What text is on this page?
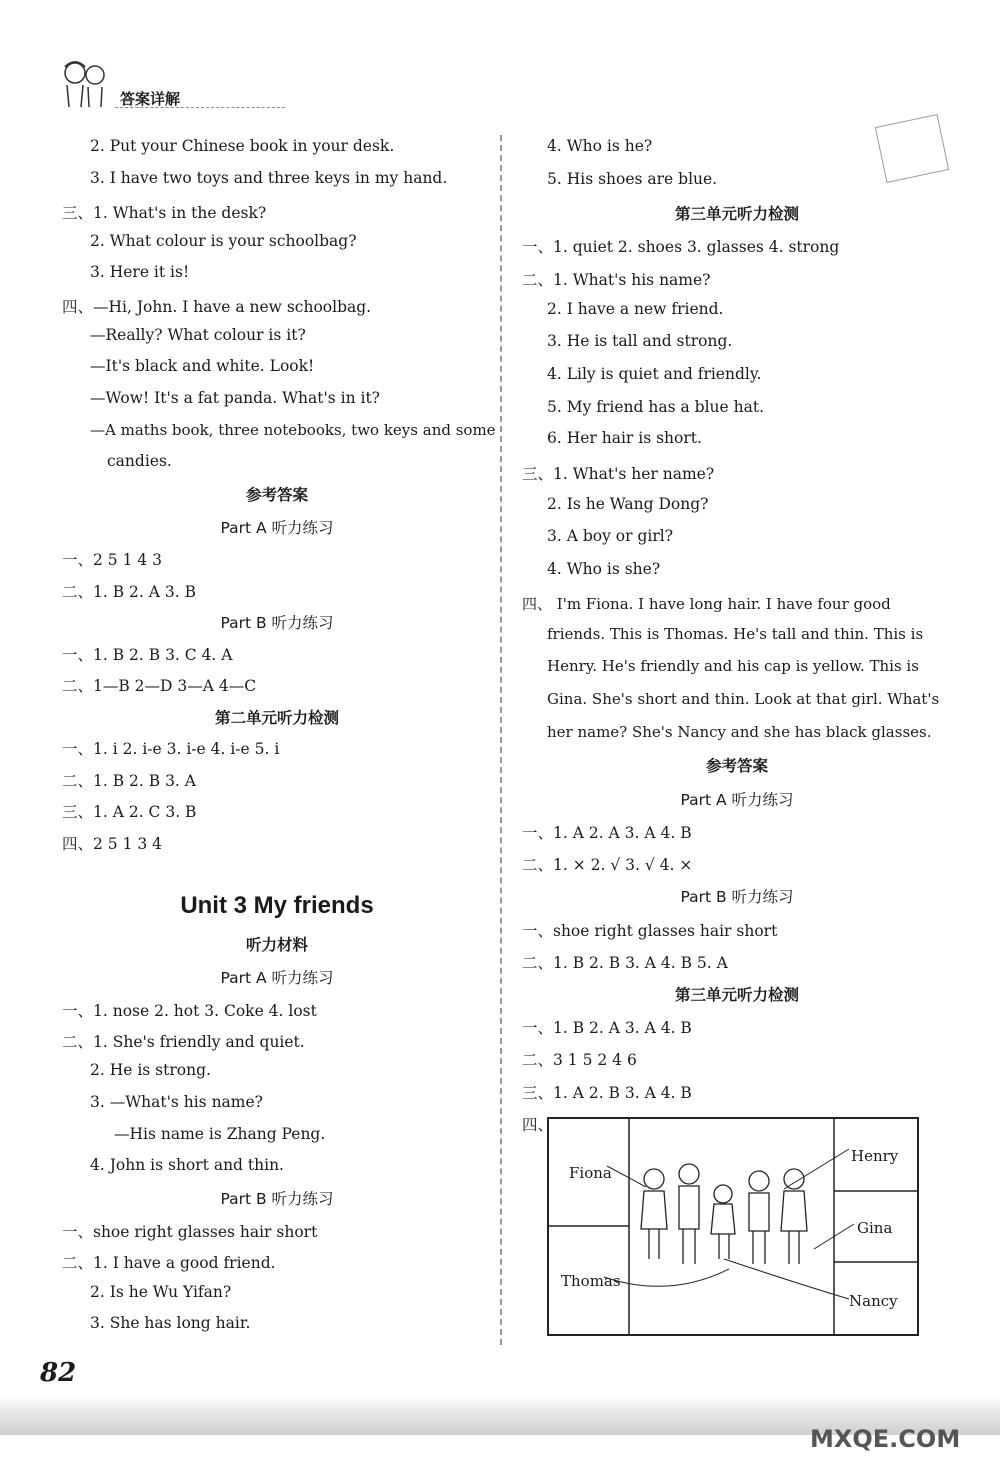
答案详解
2. Put your Chinese book in your desk.
3. I have two toys and three keys in my hand.
三、1. What's in the desk?
2. What colour is your schoolbag?
3. Here it is!
四、—Hi, John. I have a new schoolbag.
—Really? What colour is it?
—It's black and white. Look!
—Wow! It's a fat panda. What's in it?
—A maths book, three notebooks, two keys and some
candies.
参考答案
Part A 听力练习
一、2 5 1 4 3
二、1. B 2. A 3. B
Part B 听力练习
一、1. B 2. B 3. C 4. A
二、1—B 2—D 3—A 4—C
第二单元听力检测
一、1. i 2. i-e 3. i-e 4. i-e 5. i
二、1. B 2. B 3. A
三、1. A 2. C 3. B
四、2 5 1 3 4
Unit 3 My friends
听力材料
Part A 听力练习
一、1. nose 2. hot 3. Coke 4. lost
二、1. She's friendly and quiet.
2. He is strong.
3. —What's his name?
—His name is Zhang Peng.
4. John is short and thin.
Part B 听力练习
一、shoe right glasses hair short
二、1. I have a good friend.
2. Is he Wu Yifan?
3. She has long hair.
4. Who is he?
5. His shoes are blue.
第三单元听力检测
一、1. quiet 2. shoes 3. glasses 4. strong
二、1. What's his name?
2. I have a new friend.
3. He is tall and strong.
4. Lily is quiet and friendly.
5. My friend has a blue hat.
6. Her hair is short.
三、1. What's her name?
2. Is he Wang Dong?
3. A boy or girl?
4. Who is she?
四、 I'm Fiona. I have long hair. I have four good
friends. This is Thomas. He's tall and thin. This is
Henry. He's friendly and his cap is yellow. This is
Gina. She's short and thin. Look at that girl. What's
her name? She's Nancy and she has black glasses.
参考答案
Part A 听力练习
一、1. A 2. A 3. A 4. B
二、1. × 2. √ 3. √ 4. ×
Part B 听力练习
一、shoe right glasses hair short
二、1. B 2. B 3. A 4. B 5. A
第三单元听力检测
一、1. B 2. A 3. A 4. B
二、3 1 5 2 4 6
三、1. A 2. B 3. A 4. B
四、
Fiona
Henry
Gina
Thomas
Nancy
82
MXQE.COM
